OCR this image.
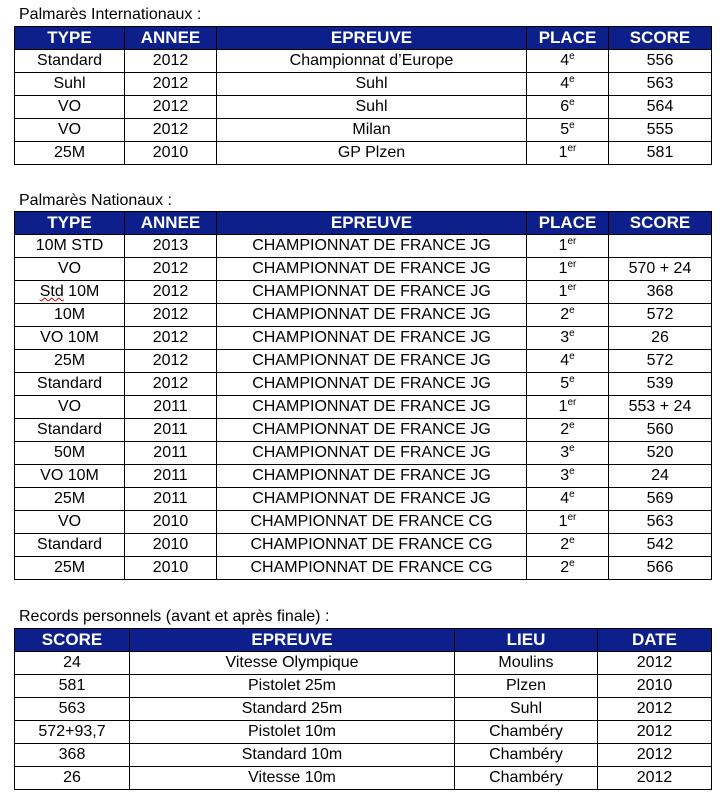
Palmarès Internationaux :
TYPE	ANNEE	EPREUVE	PLACE	SCORE
Standard	2012	Championnat d’Europe	4e	556
Suhl	2012	Suhl	4e	563
VO	2012	Suhl	6e	564
VO	2012	Milan	5e	555
25M	2010	GP Plzen	1er	581
Palmarès Nationaux :
TYPE	ANNEE	EPREUVE	PLACE	SCORE
10M STD	2013	CHAMPIONNAT DE FRANCE JG	1er	
VO	2012	CHAMPIONNAT DE FRANCE JG	1er	570 + 24
Std 10M	2012	CHAMPIONNAT DE FRANCE JG	1er	368
10M	2012	CHAMPIONNAT DE FRANCE JG	2e	572
VO 10M	2012	CHAMPIONNAT DE FRANCE JG	3e	26
25M	2012	CHAMPIONNAT DE FRANCE JG	4e	572
Standard	2012	CHAMPIONNAT DE FRANCE JG	5e	539
VO	2011	CHAMPIONNAT DE FRANCE JG	1er	553 + 24
Standard	2011	CHAMPIONNAT DE FRANCE JG	2e	560
50M	2011	CHAMPIONNAT DE FRANCE JG	3e	520
VO 10M	2011	CHAMPIONNAT DE FRANCE JG	3e	24
25M	2011	CHAMPIONNAT DE FRANCE JG	4e	569
VO	2010	CHAMPIONNAT DE FRANCE CG	1er	563
Standard	2010	CHAMPIONNAT DE FRANCE CG	2e	542
25M	2010	CHAMPIONNAT DE FRANCE CG	2e	566
Records personnels (avant et après finale) :
SCORE	EPREUVE	LIEU	DATE
24	Vitesse Olympique	Moulins	2012
581	Pistolet 25m	Plzen	2010
563	Standard 25m	Suhl	2012
572+93,7	Pistolet 10m	Chambéry	2012
368	Standard 10m	Chambéry	2012
26	Vitesse 10m	Chambéry	2012
